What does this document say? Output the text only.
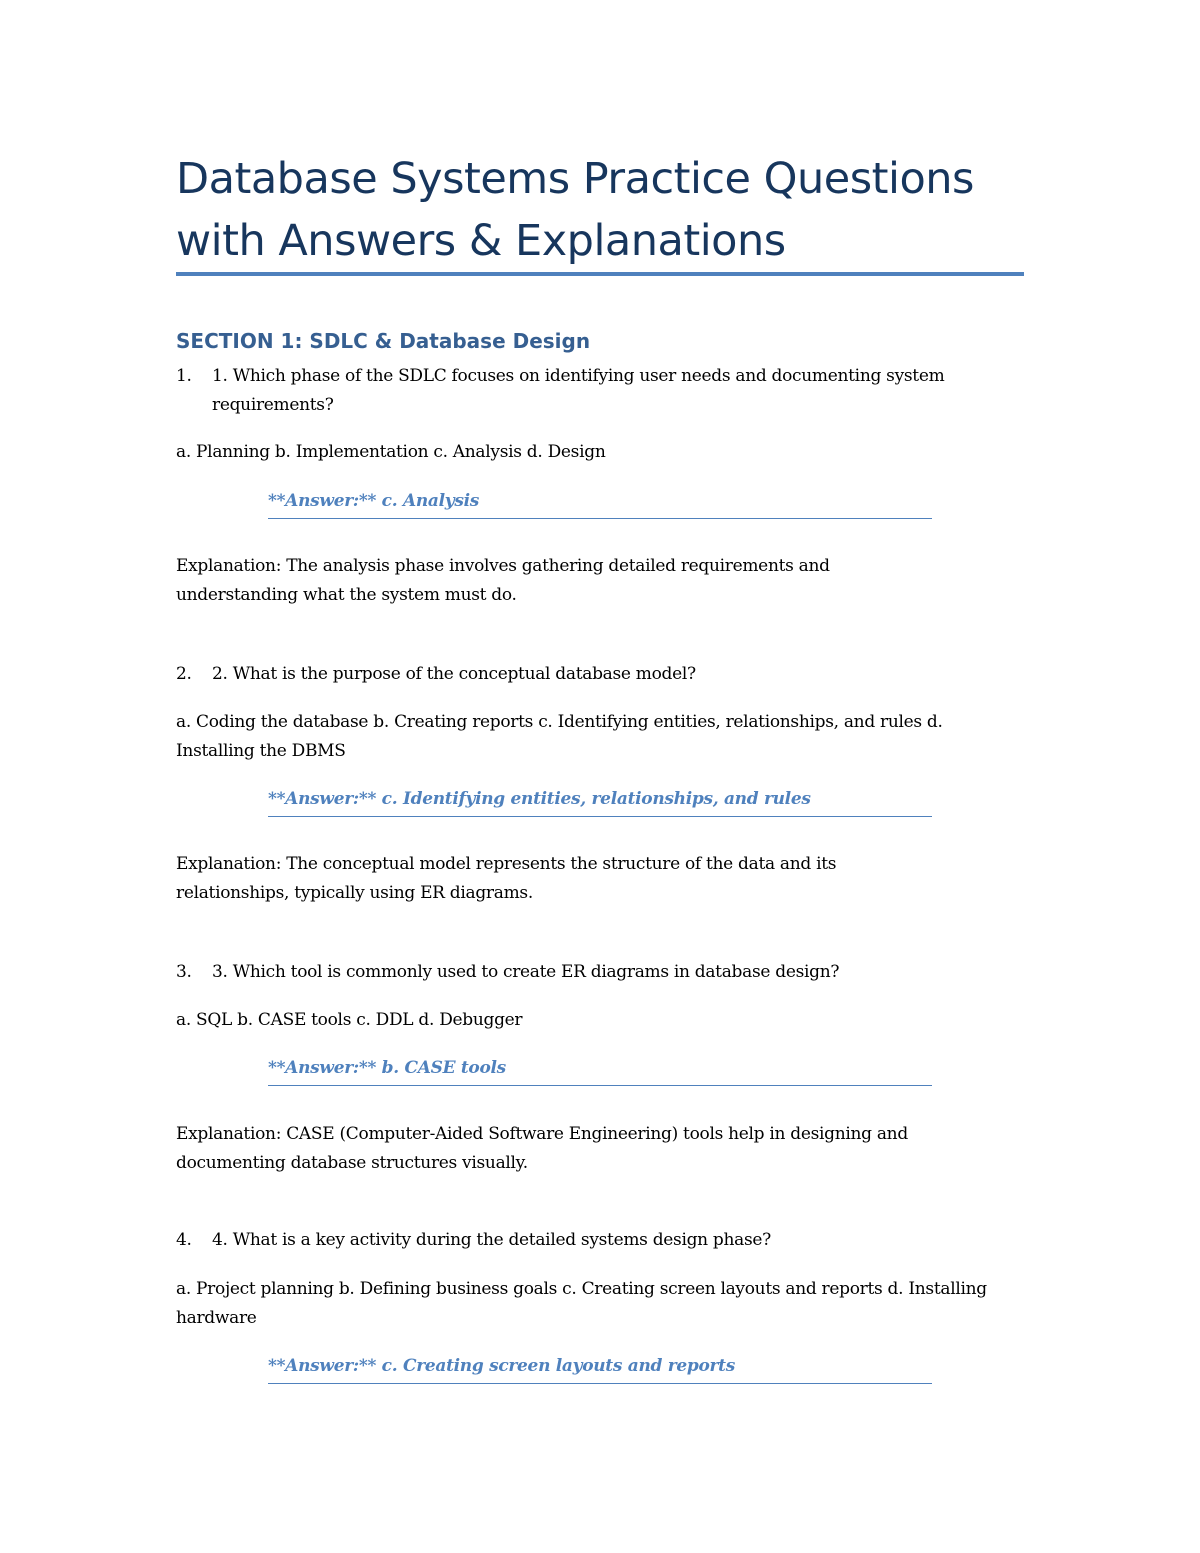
Database Systems Practice Questions with Answers & Explanations
SECTION 1: SDLC & Database Design
1. 1. Which phase of the SDLC focuses on identifying user needs and documenting system requirements?
a. Planning b. Implementation c. Analysis d. Design
**Answer:** c. Analysis
Explanation: The analysis phase involves gathering detailed requirements and understanding what the system must do.
2. 2. What is the purpose of the conceptual database model?
a. Coding the database b. Creating reports c. Identifying entities, relationships, and rules d. Installing the DBMS
**Answer:** c. Identifying entities, relationships, and rules
Explanation: The conceptual model represents the structure of the data and its relationships, typically using ER diagrams.
3. 3. Which tool is commonly used to create ER diagrams in database design?
a. SQL b. CASE tools c. DDL d. Debugger
**Answer:** b. CASE tools
Explanation: CASE (Computer-Aided Software Engineering) tools help in designing and documenting database structures visually.
4. 4. What is a key activity during the detailed systems design phase?
a. Project planning b. Defining business goals c. Creating screen layouts and reports d. Installing hardware
**Answer:** c. Creating screen layouts and reports
